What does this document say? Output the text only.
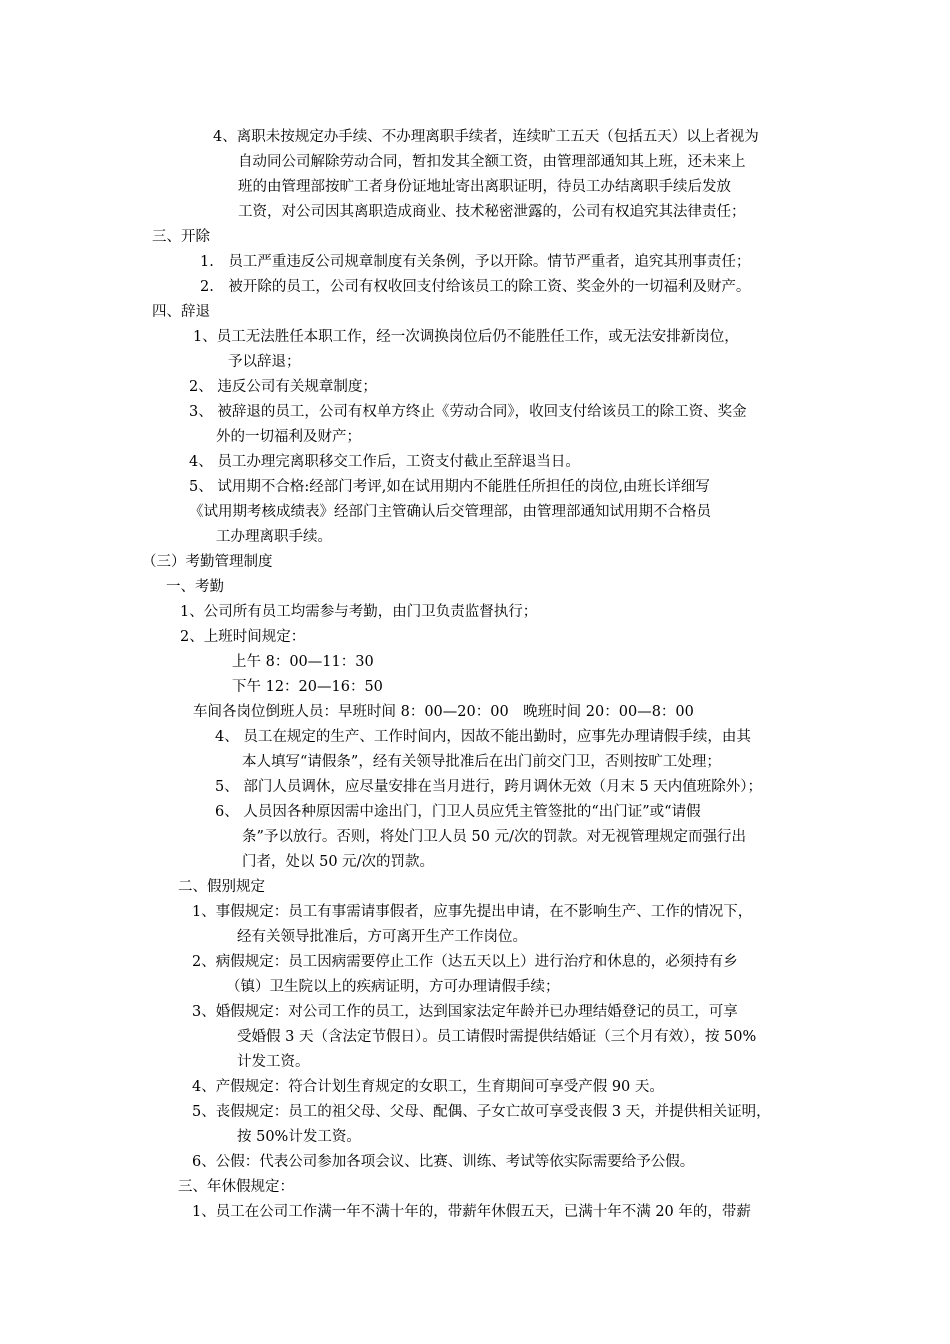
4、离职未按规定办手续、不办理离职手续者，连续旷工五天（包括五天）以上者视为
自动同公司解除劳动合同，暂扣发其全额工资，由管理部通知其上班，还未来上
班的由管理部按旷工者身份证地址寄出离职证明，待员工办结离职手续后发放
工资，对公司因其离职造成商业、技术秘密泄露的，公司有权追究其法律责任；
三、开除
1.　员工严重违反公司规章制度有关条例，予以开除。情节严重者，追究其刑事责任；
2.　被开除的员工，公司有权收回支付给该员工的除工资、奖金外的一切福利及财产。
四、辞退
1、员工无法胜任本职工作，经一次调换岗位后仍不能胜任工作，或无法安排新岗位，
予以辞退；
2、 违反公司有关规章制度；
3、 被辞退的员工，公司有权单方终止《劳动合同》，收回支付给该员工的除工资、奖金
外的一切福利及财产；
4、 员工办理完离职移交工作后，工资支付截止至辞退当日。
5、 试用期不合格:经部门考评,如在试用期内不能胜任所担任的岗位,由班长详细写
《试用期考核成绩表》经部门主管确认后交管理部，由管理部通知试用期不合格员
工办理离职手续。
（三）考勤管理制度
一、考勤
1、公司所有员工均需参与考勤，由门卫负责监督执行；
2、上班时间规定：
上午 8：00—11：30
下午 12：20—16：50
车间各岗位倒班人员：早班时间 8：00—20：00　晚班时间 20：00—8：00
4、 员工在规定的生产、工作时间内，因故不能出勤时，应事先办理请假手续，由其
本人填写“请假条”，经有关领导批准后在出门前交门卫，否则按旷工处理；
5、 部门人员调休，应尽量安排在当月进行，跨月调休无效（月末 5 天内值班除外）；
6、 人员因各种原因需中途出门，门卫人员应凭主管签批的“出门证”或“请假
条”予以放行。否则，将处门卫人员 50 元/次的罚款。对无视管理规定而强行出
门者，处以 50 元/次的罚款。
二、假别规定
1、事假规定：员工有事需请事假者，应事先提出申请，在不影响生产、工作的情况下，
经有关领导批准后，方可离开生产工作岗位。
2、病假规定：员工因病需要停止工作（达五天以上）进行治疗和休息的，必须持有乡
（镇）卫生院以上的疾病证明，方可办理请假手续；
3、婚假规定：对公司工作的员工，达到国家法定年龄并已办理结婚登记的员工，可享
受婚假 3 天（含法定节假日）。员工请假时需提供结婚证（三个月有效），按 50%
计发工资。
4、产假规定：符合计划生育规定的女职工，生育期间可享受产假 90 天。
5、丧假规定：员工的祖父母、父母、配偶、子女亡故可享受丧假 3 天，并提供相关证明，
按 50%计发工资。
6、公假：代表公司参加各项会议、比赛、训练、考试等依实际需要给予公假。
三、年休假规定：
1、员工在公司工作满一年不满十年的，带薪年休假五天，已满十年不满 20 年的，带薪
